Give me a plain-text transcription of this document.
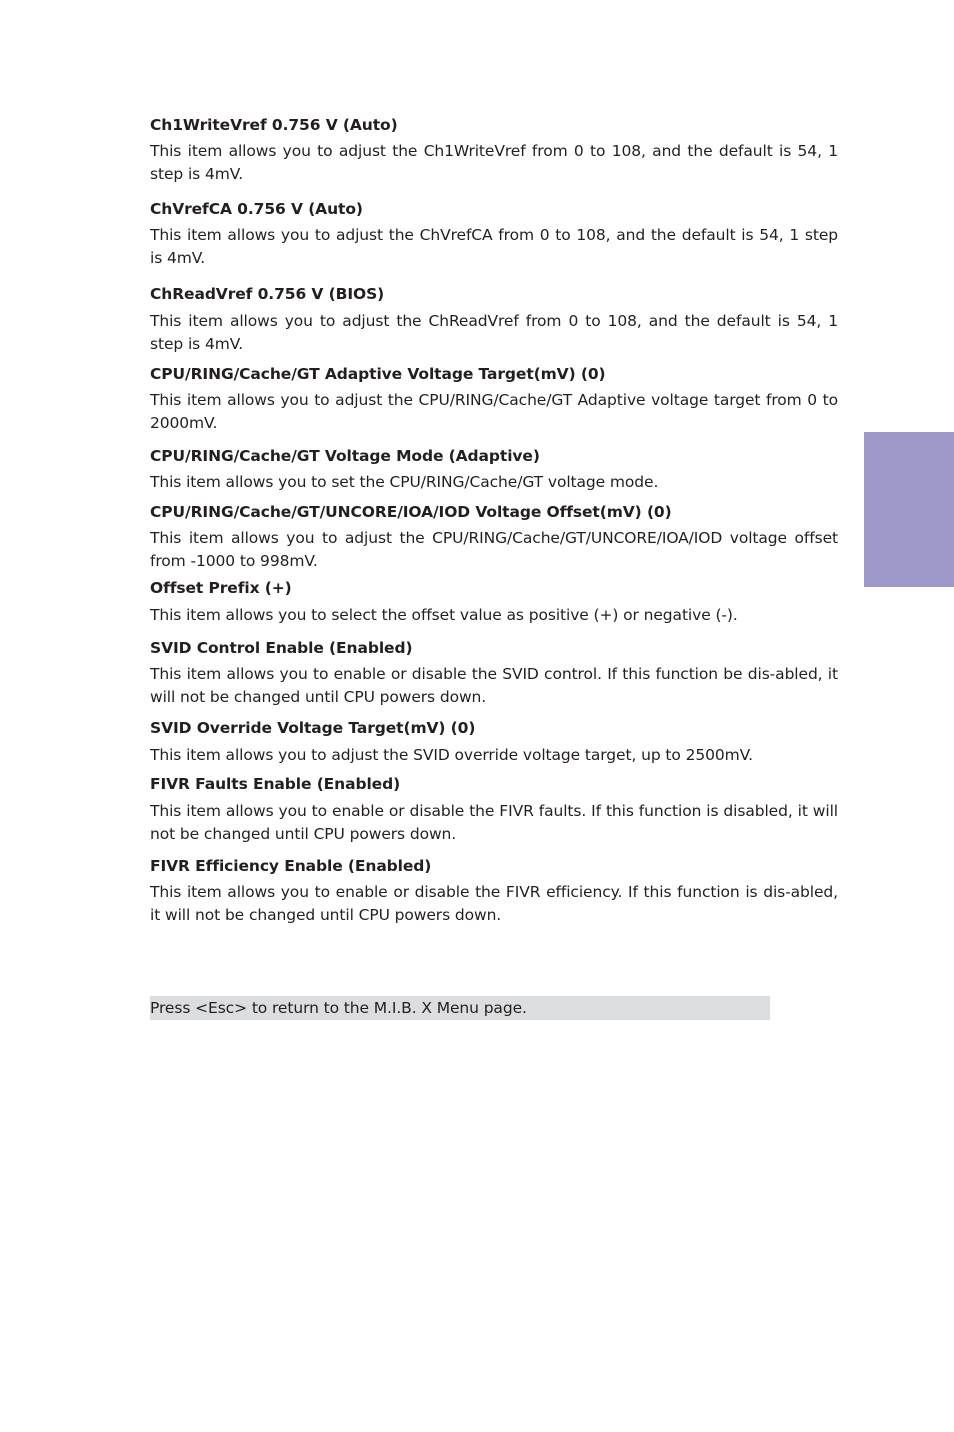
Ch1WriteVref 0.756 V (Auto)
This item allows you to adjust the Ch1WriteVref from 0 to 108, and the default is 54, 1 step is 4mV.
ChVrefCA 0.756 V (Auto)
This item allows you to adjust the ChVrefCA from 0 to 108, and the default is 54, 1 step is 4mV.
ChReadVref 0.756 V (BIOS)
This item allows you to adjust the ChReadVref from 0 to 108, and the default is 54, 1 step is 4mV.
CPU/RING/Cache/GT Adaptive Voltage Target(mV) (0)
This item allows you to adjust the CPU/RING/Cache/GT Adaptive voltage target from 0 to 2000mV.
CPU/RING/Cache/GT Voltage Mode (Adaptive)
This item allows you to set the CPU/RING/Cache/GT voltage mode.
CPU/RING/Cache/GT/UNCORE/IOA/IOD Voltage Offset(mV) (0)
This item allows you to adjust the CPU/RING/Cache/GT/UNCORE/IOA/IOD voltage offset from -1000 to 998mV.
Offset Prefix (+)
This item allows you to select the offset value as positive (+) or negative (-).
SVID Control Enable (Enabled)
This item allows you to enable or disable the SVID control. If this function be dis-abled, it will not be changed until CPU powers down.
SVID Override Voltage Target(mV) (0)
This item allows you to adjust the SVID override voltage target, up to 2500mV.
FIVR Faults Enable (Enabled)
This item allows you to enable or disable the FIVR faults. If this function is disabled, it will not be changed until CPU powers down.
FIVR Efficiency Enable (Enabled)
This item allows you to enable or disable the FIVR efficiency. If this function is dis-abled, it will not be changed until CPU powers down.
Press <Esc> to return to the M.I.B. X Menu page.
